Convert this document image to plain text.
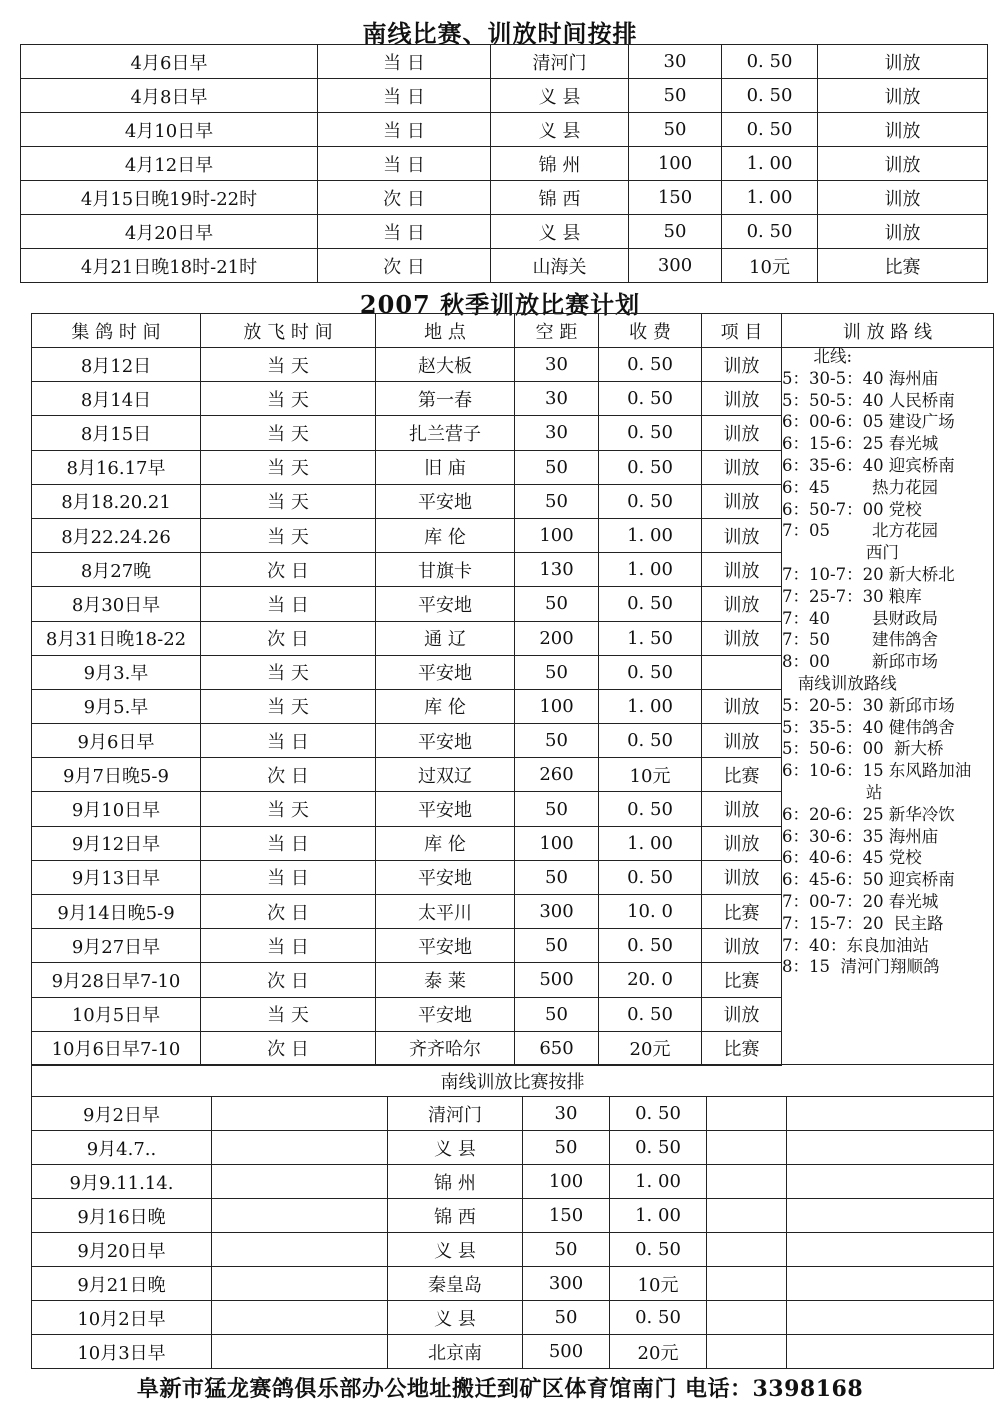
南线比赛、训放时间按排
4月6日早	当 日	清河门	30	0. 50	训放
4月8日早	当 日	义 县	50	0. 50	训放
4月10日早	当 日	义 县	50	0. 50	训放
4月12日早	当 日	锦 州	100	1. 00	训放
4月15日晚19时-22时	次 日	锦 西	150	1. 00	训放
4月20日早	当 日	义 县	50	0. 50	训放
4月21日晚18时-21时	次 日	山海关	300	10元	比赛
2007 秋季训放比赛计划
集 鸽 时 间	放 飞 时 间	地 点	空 距	收 费	项 目	训 放 路 线
8月12日	当 天	赵大板	30	0. 50	训放	
8月14日	当 天	第一春	30	0. 50	训放	
8月15日	当 天	扎兰营子	30	0. 50	训放	
8月16.17早	当 天	旧 庙	50	0. 50	训放	
8月18.20.21	当 天	平安地	50	0. 50	训放	
8月22.24.26	当 天	库 伦	100	1. 00	训放	
8月27晚	次 日	甘旗卡	130	1. 00	训放	
8月30日早	当 日	平安地	50	0. 50	训放	
8月31日晚18-22	次 日	通 辽	200	1. 50	训放	
9月3.早	当 天	平安地	50	0. 50		
9月5.早	当 天	库 伦	100	1. 00	训放	
9月6日早	当 日	平安地	50	0. 50	训放	
9月7日晚5-9	次 日	过双辽	260	10元	比赛	
9月10日早	当 天	平安地	50	0. 50	训放	
9月12日早	当 日	库 伦	100	1. 00	训放	
9月13日早	当 日	平安地	50	0. 50	训放	
9月14日晚5-9	次 日	太平川	300	10. 0	比赛	
9月27日早	当 日	平安地	50	0. 50	训放	
9月28日早7-10	次 日	泰 莱	500	20. 0	比赛	
10月5日早	当 天	平安地	50	0. 50	训放	
10月6日早7-10	次 日	齐齐哈尔	650	20元	比赛	
北线:
5：30-5：40 海州庙
5：50-5：40 人民桥南
6：00-6：05 建设广场
6：15-6：25 春光城
6：35-6：40 迎宾桥南
6：45        热力花园
6：50-7：00 党校
7：05        北方花园
西门
7：10-7：20 新大桥北
7：25-7：30 粮库
7：40        县财政局
7：50        建伟鸽舍
8：00        新邱市场
南线训放路线
5：20-5：30 新邱市场
5：35-5：40 健伟鸽舍
5：50-6：00  新大桥
6：10-6：15 东风路加油
站
6：20-6：25 新华冷饮
6：30-6：35 海州庙
6：40-6：45 党校
6：45-6：50 迎宾桥南
7：00-7：20 春光城
7：15-7：20  民主路
7：40：东良加油站
8：15  清河门翔顺鸽
南线训放比赛按排						
9月2日早		清河门	30	0. 50		
9月4.7..		义 县	50	0. 50		
9月9.11.14.		锦 州	100	1. 00		
9月16日晚		锦 西	150	1. 00		
9月20日早		义 县	50	0. 50		
9月21日晚		秦皇岛	300	10元		
10月2日早		义 县	50	0. 50		
10月3日早		北京南	500	20元		
阜新市猛龙赛鸽俱乐部办公地址搬迁到矿区体育馆南门 电话：3398168
